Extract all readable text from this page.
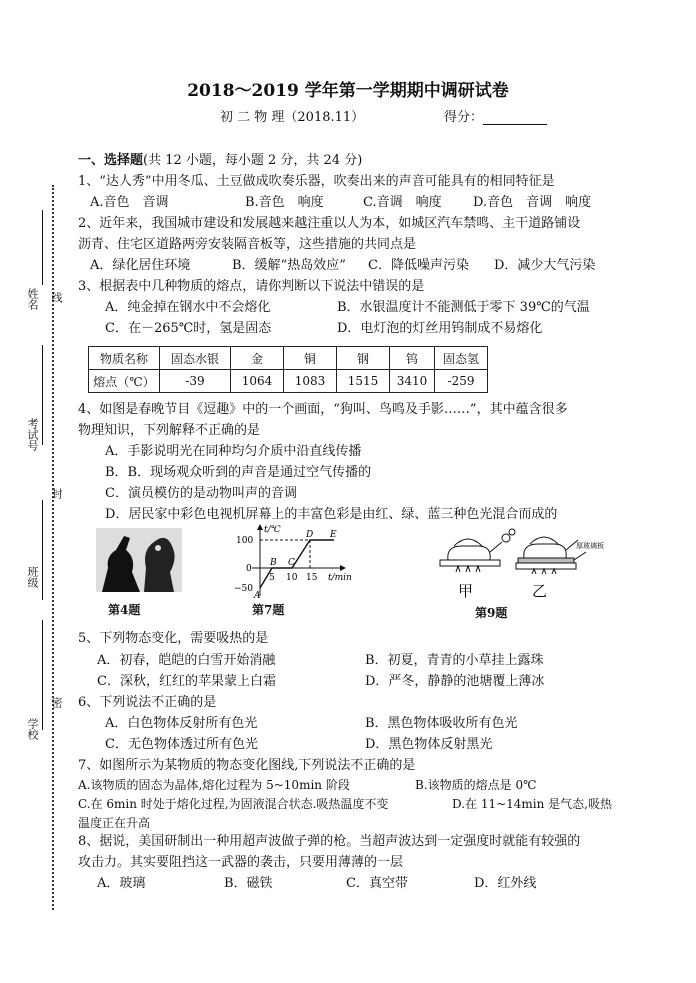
2018～2019 学年第一学期期中调研试卷
初 二 物 理（2018.11）	得分：
姓名 线
考试号
封
班级
密
学校
一、选择题(共 12 小题，每小题 2 分，共 24 分)
1、“达人秀”中用冬瓜、土豆做成吹奏乐器，吹奏出来的声音可能具有的相同特征是
A.音色　音调	B.音色　响度	C.音调　响度 D.音色　音调　响度
2、近年来，我国城市建设和发展越来越注重以人为本，如城区汽车禁鸣、主干道路铺设
沥青、住宅区道路两旁安装隔音板等，这些措施的共同点是
A．绿化居住环境	B．缓解“热岛效应” C．降低噪声污染 D．减少大气污染
3、根据表中几种物质的熔点，请你判断以下说法中错误的是
A．纯金掉在钢水中不会熔化	B．水银温度计不能测低于零下 39℃的气温
C．在－265℃时，氢是固态	D．电灯泡的灯丝用钨制成不易熔化
物质名称	固态水银	金	铜	钢	钨	固态氢
熔点（℃）	-39	1064	1083	1515	3410	-259
4、如图是春晚节目《逗趣》中的一个画面，“狗叫、鸟鸣及手影……”，其中蕴含很多
物理知识，下列解释不正确的是
A．手影说明光在同种均匀介质中沿直线传播
B．B．现场观众听到的声音是通过空气传播的
C．演员模仿的是动物叫声的音调
D．居民家中彩色电视机屏幕上的丰富色彩是由红、绿、蓝三种色光混合而成的
第4题
t/℃
t/min
100
0
−50
5 10 15
A
B C
D E
第7题
甲
厚玻璃板
乙
第9题
5、下列物态变化，需要吸热的是
A．初春，皑皑的白雪开始消融	B．初夏，青青的小草挂上露珠
C．深秋，红红的苹果蒙上白霜	D．严冬，静静的池塘覆上薄冰
6、下列说法不正确的是
A．白色物体反射所有色光	B．黑色物体吸收所有色光
C．无色物体透过所有色光	D．黑色物体反射黑光
7、如图所示为某物质的物态变化图线,下列说法不正确的是
A.该物质的固态为晶体,熔化过程为 5~10min 阶段	B.该物质的熔点是 0℃
C.在 6min 时处于熔化过程,为固液混合状态.吸热温度不变	D.在 11~14min 是气态,吸热
温度正在升高
8、据说，美国研制出一种用超声波做子弹的枪。当超声波达到一定强度时就能有较强的
攻击力。其实要阻挡这一武器的袭击，只要用薄薄的一层
A．玻璃	B．磁铁	C．真空带	D．红外线
